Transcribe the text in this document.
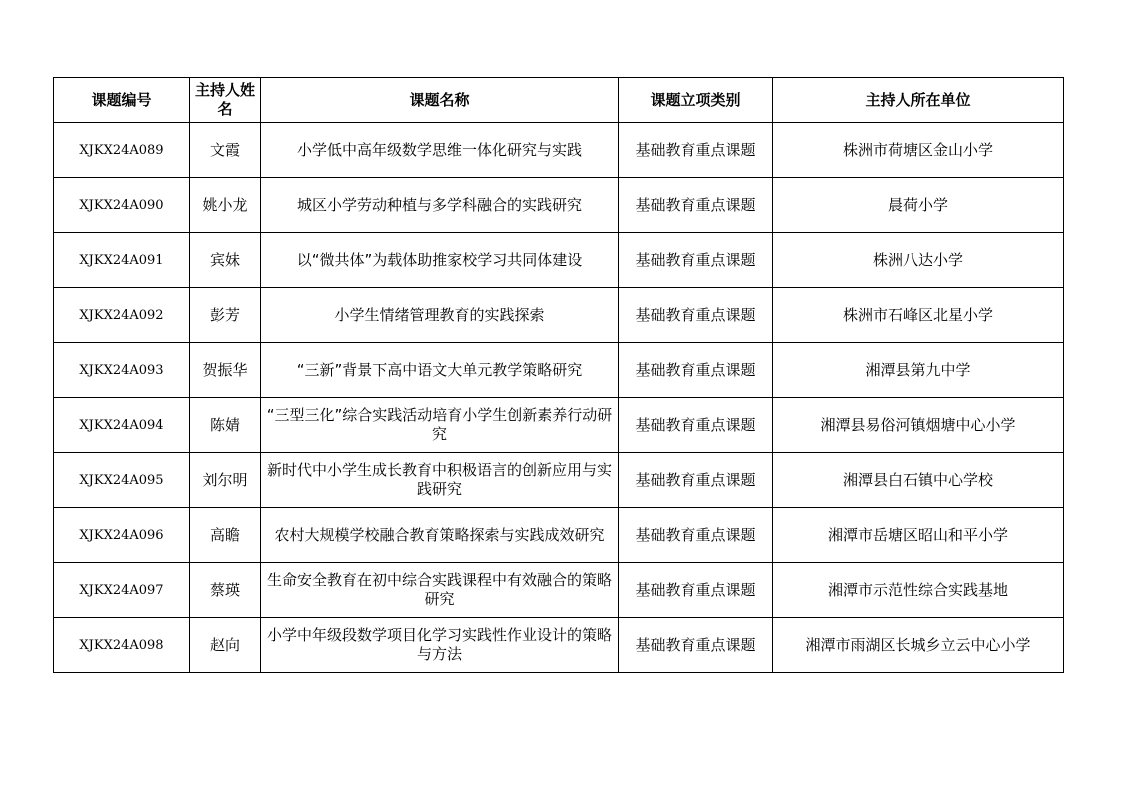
课题编号	主持人姓名	课题名称	课题立项类别	主持人所在单位
XJKX24A089	文霞	小学低中高年级数学思维一体化研究与实践	基础教育重点课题	株洲市荷塘区金山小学
XJKX24A090	姚小龙	城区小学劳动种植与多学科融合的实践研究	基础教育重点课题	晨荷小学
XJKX24A091	宾妹	以“微共体”为载体助推家校学习共同体建设	基础教育重点课题	株洲八达小学
XJKX24A092	彭芳	小学生情绪管理教育的实践探索	基础教育重点课题	株洲市石峰区北星小学
XJKX24A093	贺振华	“三新”背景下高中语文大单元教学策略研究	基础教育重点课题	湘潭县第九中学
XJKX24A094	陈婧	“三型三化”综合实践活动培育小学生创新素养行动研究	基础教育重点课题	湘潭县易俗河镇烟塘中心小学
XJKX24A095	刘尔明	新时代中小学生成长教育中积极语言的创新应用与实践研究	基础教育重点课题	湘潭县白石镇中心学校
XJKX24A096	高瞻	农村大规模学校融合教育策略探索与实践成效研究	基础教育重点课题	湘潭市岳塘区昭山和平小学
XJKX24A097	蔡瑛	生命安全教育在初中综合实践课程中有效融合的策略研究	基础教育重点课题	湘潭市示范性综合实践基地
XJKX24A098	赵向	小学中年级段数学项目化学习实践性作业设计的策略与方法	基础教育重点课题	湘潭市雨湖区长城乡立云中心小学
